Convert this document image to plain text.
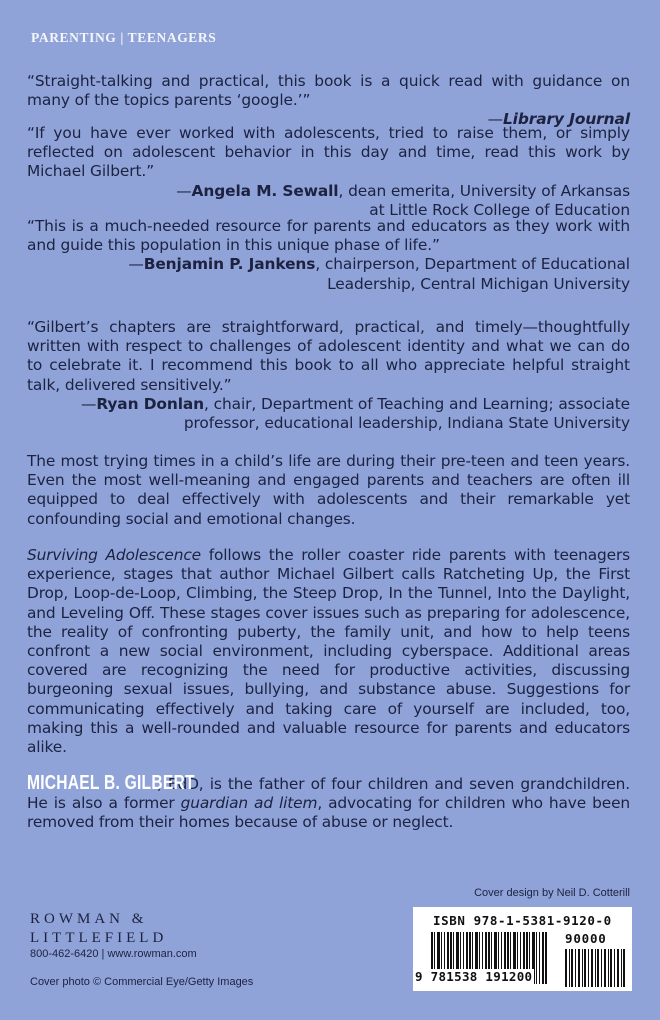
PARENTING | TEENAGERS
“Straight-talking and practical, this book is a quick read with guidance on many of the topics parents ‘google.’”
—Library Journal
“If you have ever worked with adolescents, tried to raise them, or simply reflected on adolescent behavior in this day and time, read this work by Michael Gilbert.”
—Angela M. Sewall, dean emerita, University of Arkansas
at Little Rock College of Education
“This is a much-needed resource for parents and educators as they work with and guide this population in this unique phase of life.”
—Benjamin P. Jankens, chairperson, Department of Educational
Leadership, Central Michigan University
“Gilbert’s chapters are straightforward, practical, and timely—thoughtfully written with respect to challenges of adolescent identity and what we can do to celebrate it. I recommend this book to all who appreciate helpful straight talk, delivered sensitively.”
—Ryan Donlan, chair, Department of Teaching and Learning; associate
professor, educational leadership, Indiana State University
The most trying times in a child’s life are during their pre-teen and teen years. Even the most well-meaning and engaged parents and teachers are often ill equipped to deal effectively with adolescents and their remarkable yet confounding social and emotional changes.
Surviving Adolescence follows the roller coaster ride parents with teenagers experience, stages that author Michael Gilbert calls Ratcheting Up, the First Drop, Loop-de-Loop, Climbing, the Steep Drop, In the Tunnel, Into the Daylight, and Leveling Off. These stages cover issues such as preparing for adolescence, the reality of confronting puberty, the family unit, and how to help teens confront a new social environment, including cyberspace. Additional areas covered are recognizing the need for productive activities, discussing burgeoning sexual issues, bullying, and substance abuse. Suggestions for communicating effectively and taking care of yourself are included, too, making this a well-rounded and valuable resource for parents and educators alike.
MICHAEL B. GILBERT, EdD, is the father of four children and seven grandchildren. He is also a former guardian ad litem, advocating for children who have been removed from their homes because of abuse or neglect.
ROWMAN &
LITTLEFIELD
800-462-6420 | www.rowman.com
Cover photo © Commercial Eye/Getty Images
Cover design by Neil D. Cotterill
ISBN 978-1-5381-9120-0
90000
9 781538 191200
